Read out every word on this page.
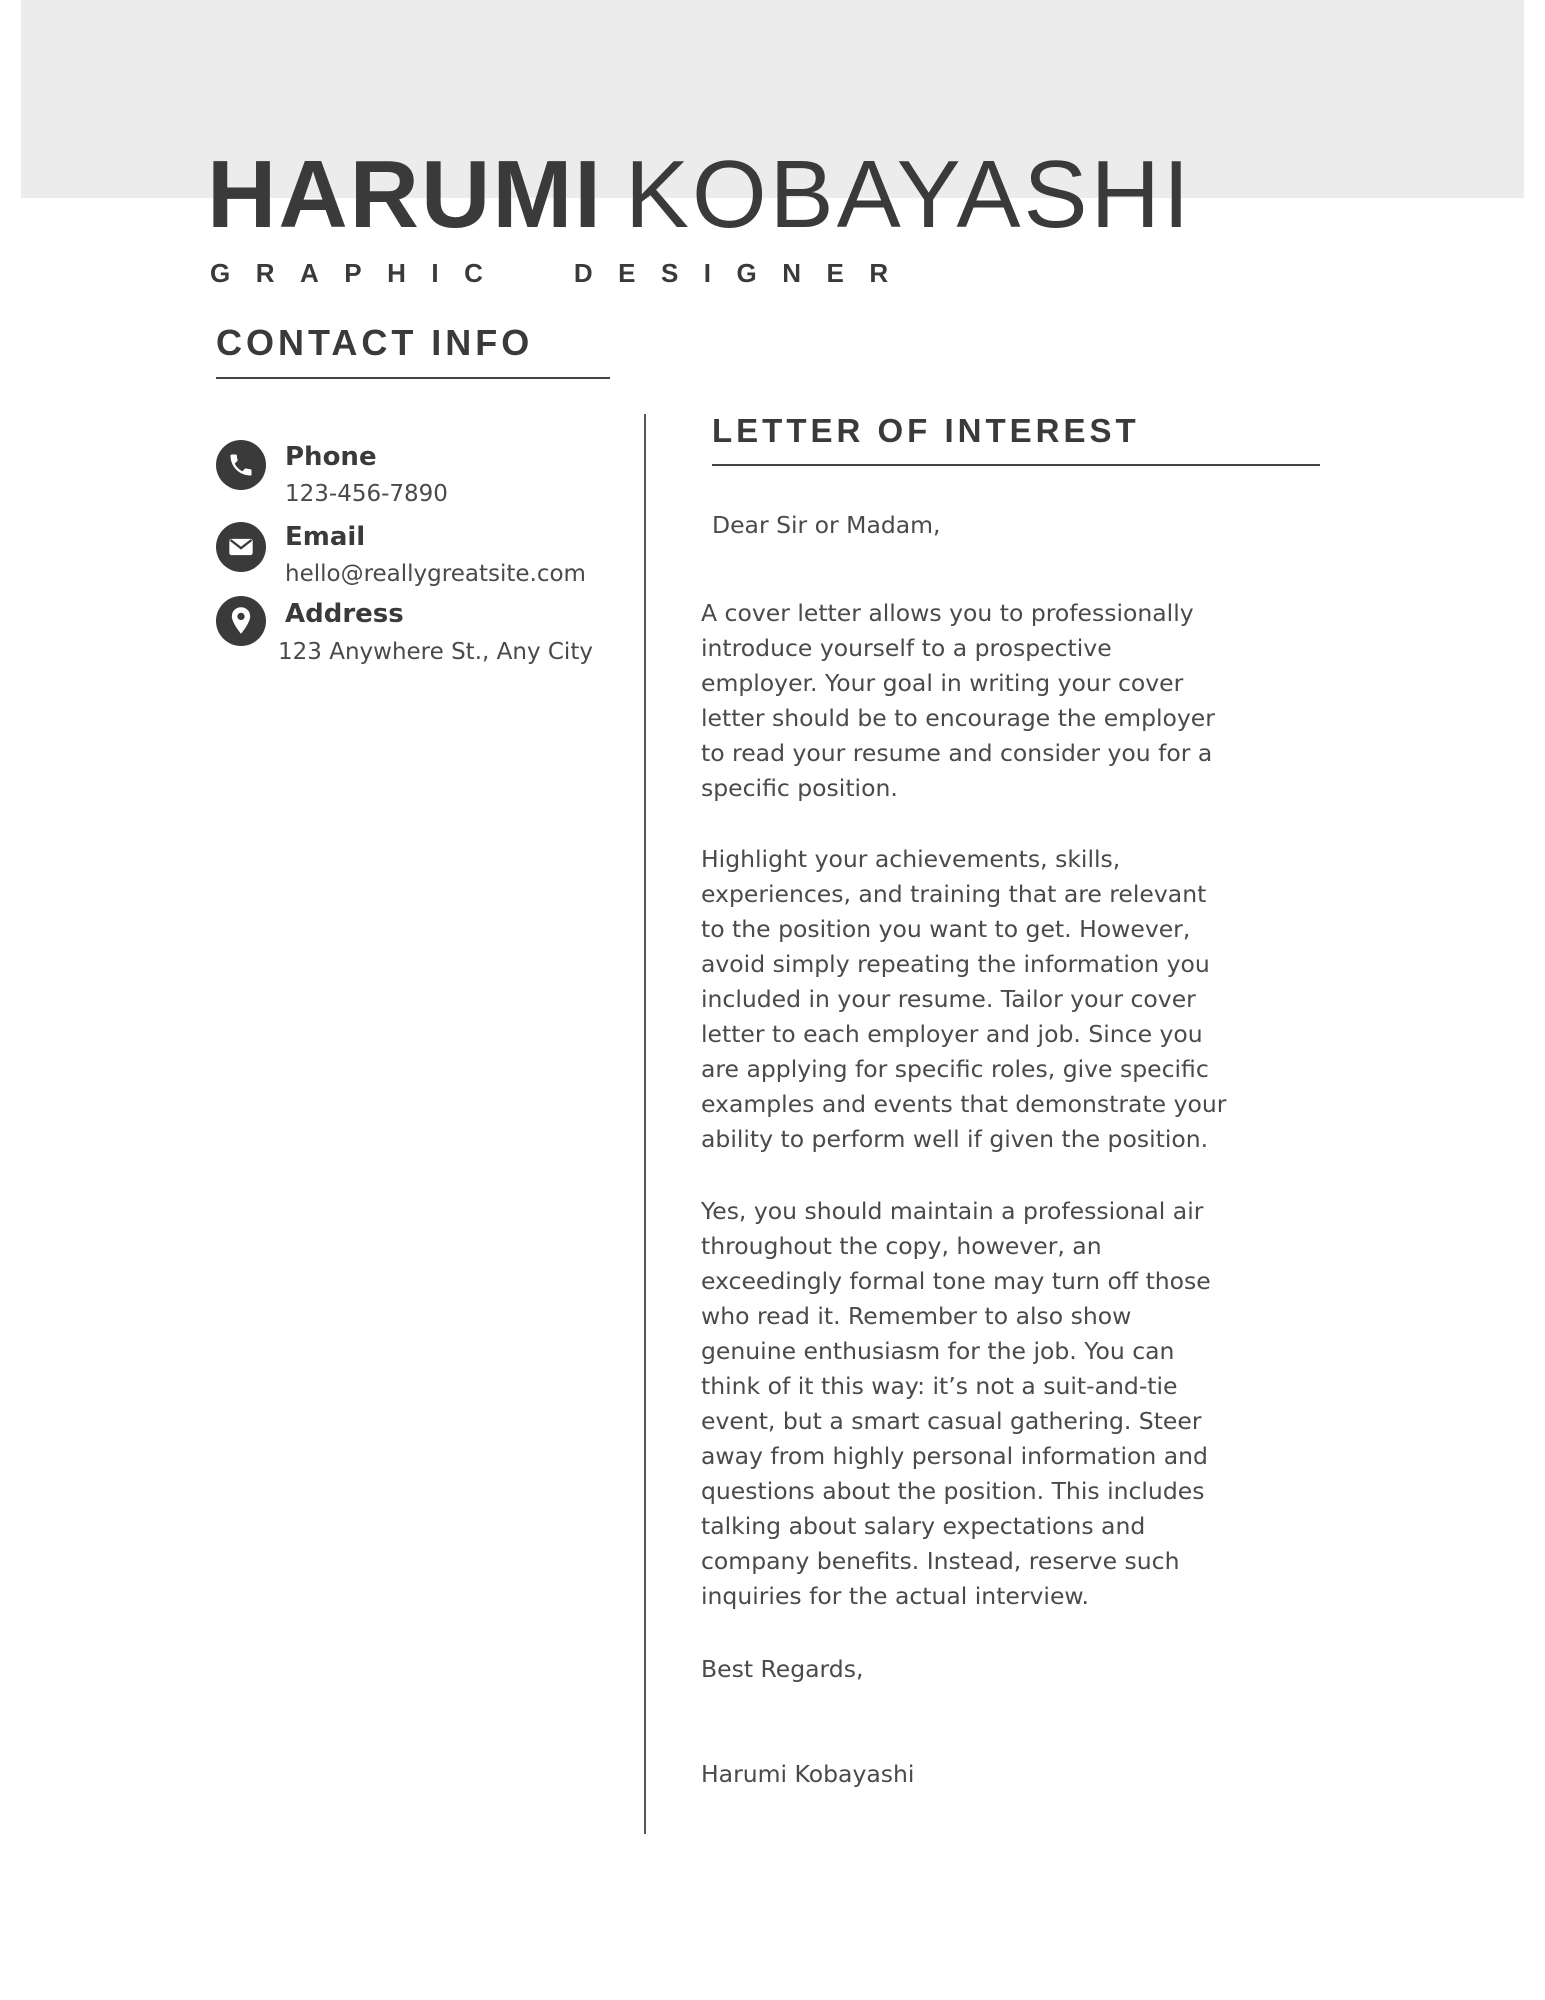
HARUMI KOBAYASHI
GRAPHIC  DESIGNER
CONTACT INFO
Phone
123-456-7890
Email
hello@reallygreatsite.com
Address
123 Anywhere St., Any City
LETTER OF INTEREST
Dear Sir or Madam,
A cover letter allows you to professionally
introduce yourself to a prospective
employer. Your goal in writing your cover
letter should be to encourage the employer
to read your resume and consider you for a
specific position.
Highlight your achievements, skills,
experiences, and training that are relevant
to the position you want to get. However,
avoid simply repeating the information you
included in your resume. Tailor your cover
letter to each employer and job. Since you
are applying for specific roles, give specific
examples and events that demonstrate your
ability to perform well if given the position.
Yes, you should maintain a professional air
throughout the copy, however, an
exceedingly formal tone may turn off those
who read it. Remember to also show
genuine enthusiasm for the job. You can
think of it this way: it’s not a suit-and-tie
event, but a smart casual gathering. Steer
away from highly personal information and
questions about the position. This includes
talking about salary expectations and
company benefits. Instead, reserve such
inquiries for the actual interview.
Best Regards,
Harumi Kobayashi
